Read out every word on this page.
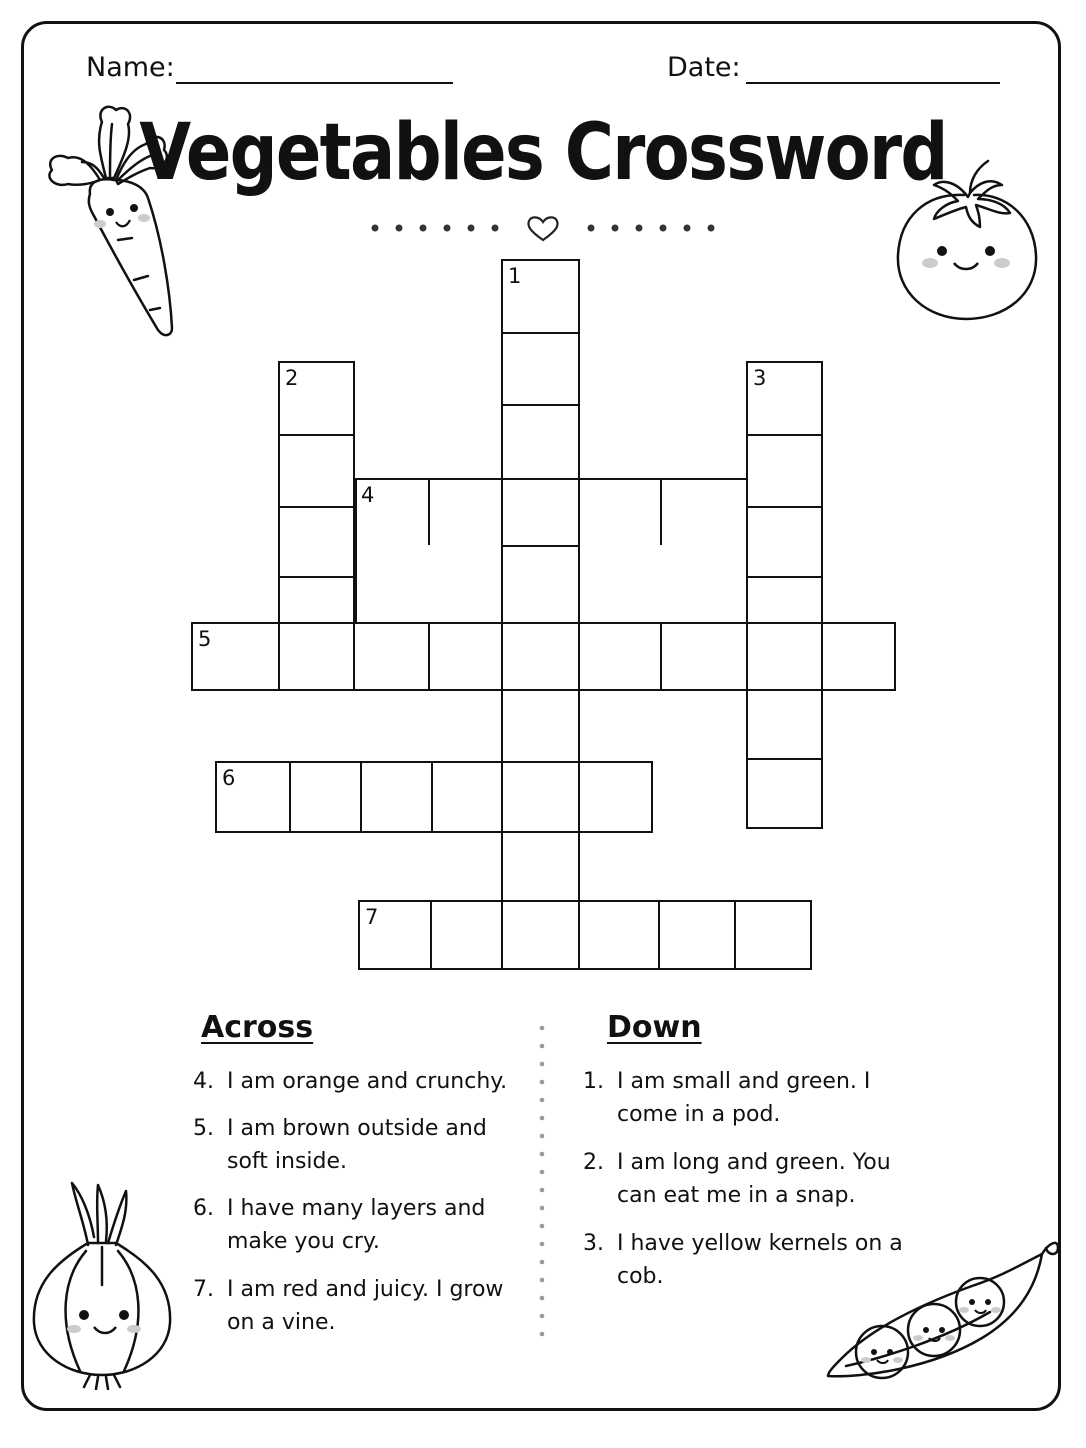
Name:	Date:
Vegetables Crossword
1
2	3
4
5
6
7
Across
4. I am orange and crunchy.
5. I am brown outside and soft inside.
6. I have many layers and make you cry.
7. I am red and juicy. I grow on a vine.
Down
1. I am small and green. I come in a pod.
2. I am long and green. You can eat me in a snap.
3. I have yellow kernels on a cob.
